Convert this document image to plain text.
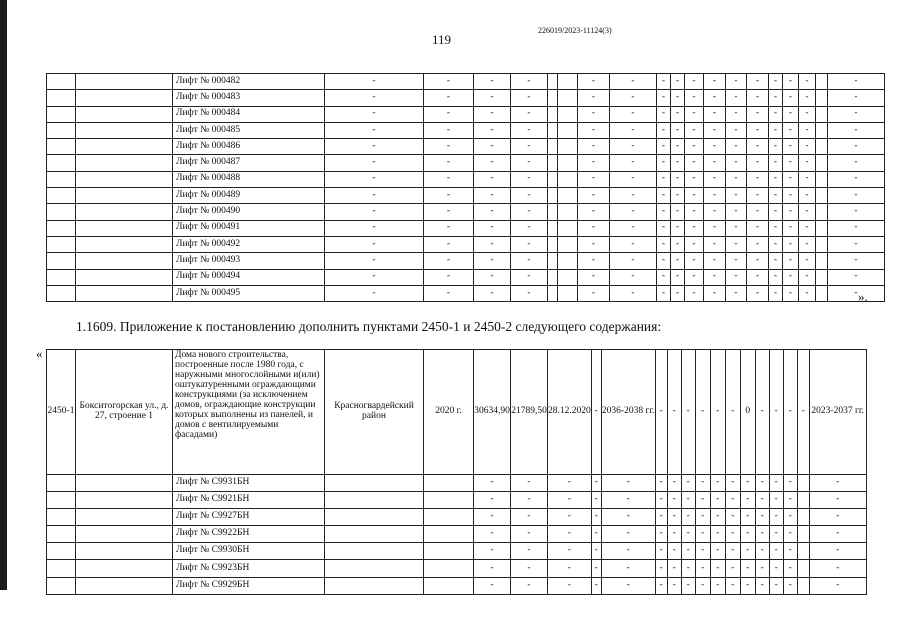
226019/2023-11124(3)
119
		Лифт № 000482	-	-	-	-			-	-	-	-	-	-	-	-	-	-	-		-
		Лифт № 000483	-	-	-	-			-	-	-	-	-	-	-	-	-	-	-		-
		Лифт № 000484	-	-	-	-			-	-	-	-	-	-	-	-	-	-	-		-
		Лифт № 000485	-	-	-	-			-	-	-	-	-	-	-	-	-	-	-		-
		Лифт № 000486	-	-	-	-			-	-	-	-	-	-	-	-	-	-	-		-
		Лифт № 000487	-	-	-	-			-	-	-	-	-	-	-	-	-	-	-		-
		Лифт № 000488	-	-	-	-			-	-	-	-	-	-	-	-	-	-	-		-
		Лифт № 000489	-	-	-	-			-	-	-	-	-	-	-	-	-	-	-		-
		Лифт № 000490	-	-	-	-			-	-	-	-	-	-	-	-	-	-	-		-
		Лифт № 000491	-	-	-	-			-	-	-	-	-	-	-	-	-	-	-		-
		Лифт № 000492	-	-	-	-			-	-	-	-	-	-	-	-	-	-	-		-
		Лифт № 000493	-	-	-	-			-	-	-	-	-	-	-	-	-	-	-		-
		Лифт № 000494	-	-	-	-			-	-	-	-	-	-	-	-	-	-	-		-
		Лифт № 000495	-	-	-	-			-	-	-	-	-	-	-	-	-	-	-		- ».
1.1609. Приложение к постановлению дополнить пунктами 2450-1 и 2450-2 следующего содержания:
«
2450-1	Бокситогорская ул., д. 27, строение 1	Дома нового строительства, построенные после 1980 года, с наружными многослойными и(или) оштукатуренными ограждающими конструкциями (за исключением домов, ограждающие конструкции которых выполнены из панелей, и домов с вентилируемыми фасадами)	Красногвардейский район	2020 г.	30634,90	21789,50	28.12.2020	-	2036-2038 гг.	-	-	-	-	-	-	0	-	-	-	-	2023-2037 гг.
		Лифт № С9931БН			-	-	-	-	-	-	-	-	-	-	-	-	-	-	-		-
		Лифт № С9921БН			-	-	-	-	-	-	-	-	-	-	-	-	-	-	-		-
		Лифт № С9927БН			-	-	-	-	-	-	-	-	-	-	-	-	-	-	-		-
		Лифт № С9922БН			-	-	-	-	-	-	-	-	-	-	-	-	-	-	-		-
		Лифт № С9930БН			-	-	-	-	-	-	-	-	-	-	-	-	-	-	-		-
		Лифт № С9923БН			-	-	-	-	-	-	-	-	-	-	-	-	-	-	-		-
		Лифт № С9929БН			-	-	-	-	-	-	-	-	-	-	-	-	-	-	-		-
